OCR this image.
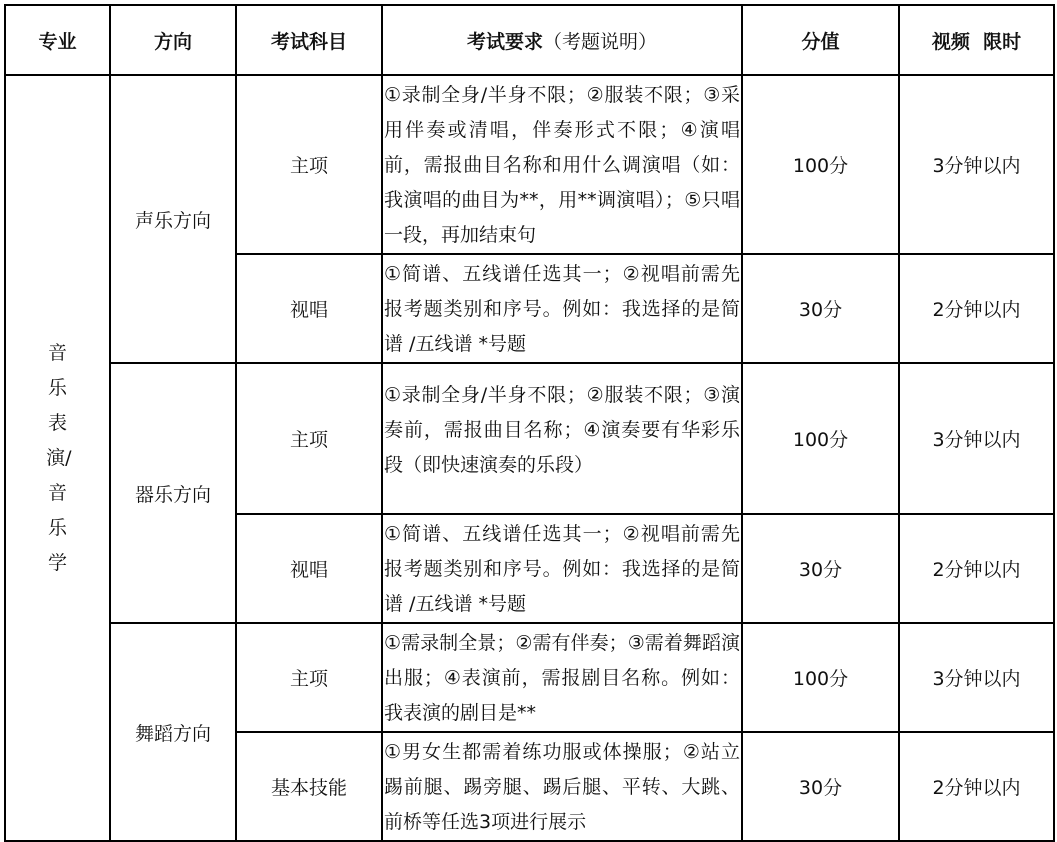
专业	方向	考试科目	考试要求（考题说明）	分值	视频  限时
音乐表演/音乐学	声乐方向	主项	①录制全身/半身不限；②服装不限；③采用伴奏或清唱，伴奏形式不限；④演唱前，需报曲目名称和用什么调演唱（如：我演唱的曲目为**，用**调演唱）；⑤只唱一段，再加结束句	100分	3分钟以内
		视唱	①简谱、五线谱任选其一；②视唱前需先报考题类别和序号。例如：我选择的是简谱 /五线谱 *号题	30分	2分钟以内
	器乐方向	主项	①录制全身/半身不限；②服装不限；③演奏前，需报曲目名称；④演奏要有华彩乐段（即快速演奏的乐段）	100分	3分钟以内
		视唱	①简谱、五线谱任选其一；②视唱前需先报考题类别和序号。例如：我选择的是简谱 /五线谱 *号题	30分	2分钟以内
	舞蹈方向	主项	①需录制全景；②需有伴奏；③需着舞蹈演出服；④表演前，需报剧目名称。例如：我表演的剧目是**	100分	3分钟以内
		基本技能	①男女生都需着练功服或体操服；②站立踢前腿、踢旁腿、踢后腿、平转、大跳、前桥等任选3项进行展示	30分	2分钟以内
